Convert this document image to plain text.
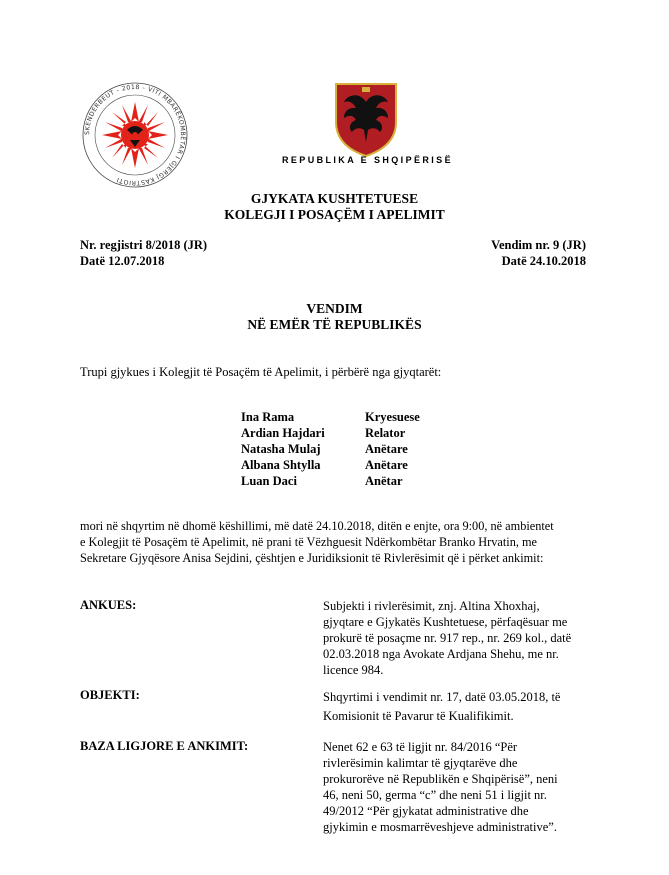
SKENDERBEUT - 2018 - VITI MBARËKOMBËTAR I GJERGJ KASTRIOTI
REPUBLIKA E SHQIPËRISË
GJYKATA KUSHTETUESE
KOLEGJI I POSAÇËM I APELIMIT
Nr. regjistri 8/2018 (JR)
Datë 12.07.2018
Vendim nr. 9 (JR)
Datë 24.10.2018
VENDIM
NË EMËR TË REPUBLIKËS
Trupi gjykues i Kolegjit të Posaçëm të Apelimit, i përbërë nga gjyqtarët:
Ina Rama	Kryesuese
Ardian Hajdari	Relator
Natasha Mulaj	Anëtare
Albana Shtylla	Anëtare
Luan Daci	Anëtar
mori në shqyrtim në dhomë këshillimi, më datë 24.10.2018, ditën e enjte, ora 9:00, në ambientet
e Kolegjit të Posaçëm të Apelimit, në prani të Vëzhguesit Ndërkombëtar Branko Hrvatin, me
Sekretare Gjyqësore Anisa Sejdini, çështjen e Juridiksionit të Rivlerësimit që i përket ankimit:
ANKUES:	Subjekti i rivlerësimit, znj. Altina Xhoxhaj,
gjyqtare e Gjykatës Kushtetuese, përfaqësuar me
prokurë të posaçme nr. 917 rep., nr. 269 kol., datë
02.03.2018 nga Avokate Ardjana Shehu, me nr.
licence 984.
OBJEKTI:	Shqyrtimi i vendimit nr. 17, datë 03.05.2018, të
Komisionit të Pavarur të Kualifikimit.
BAZA LIGJORE E ANKIMIT:	Nenet 62 e 63 të ligjit nr. 84/2016 “Për
rivlerësimin kalimtar të gjyqtarëve dhe
prokurorëve në Republikën e Shqipërisë”, neni
46, neni 50, germa “c” dhe neni 51 i ligjit nr.
49/2012 “Për gjykatat administrative dhe
gjykimin e mosmarrëveshjeve administrative”.
